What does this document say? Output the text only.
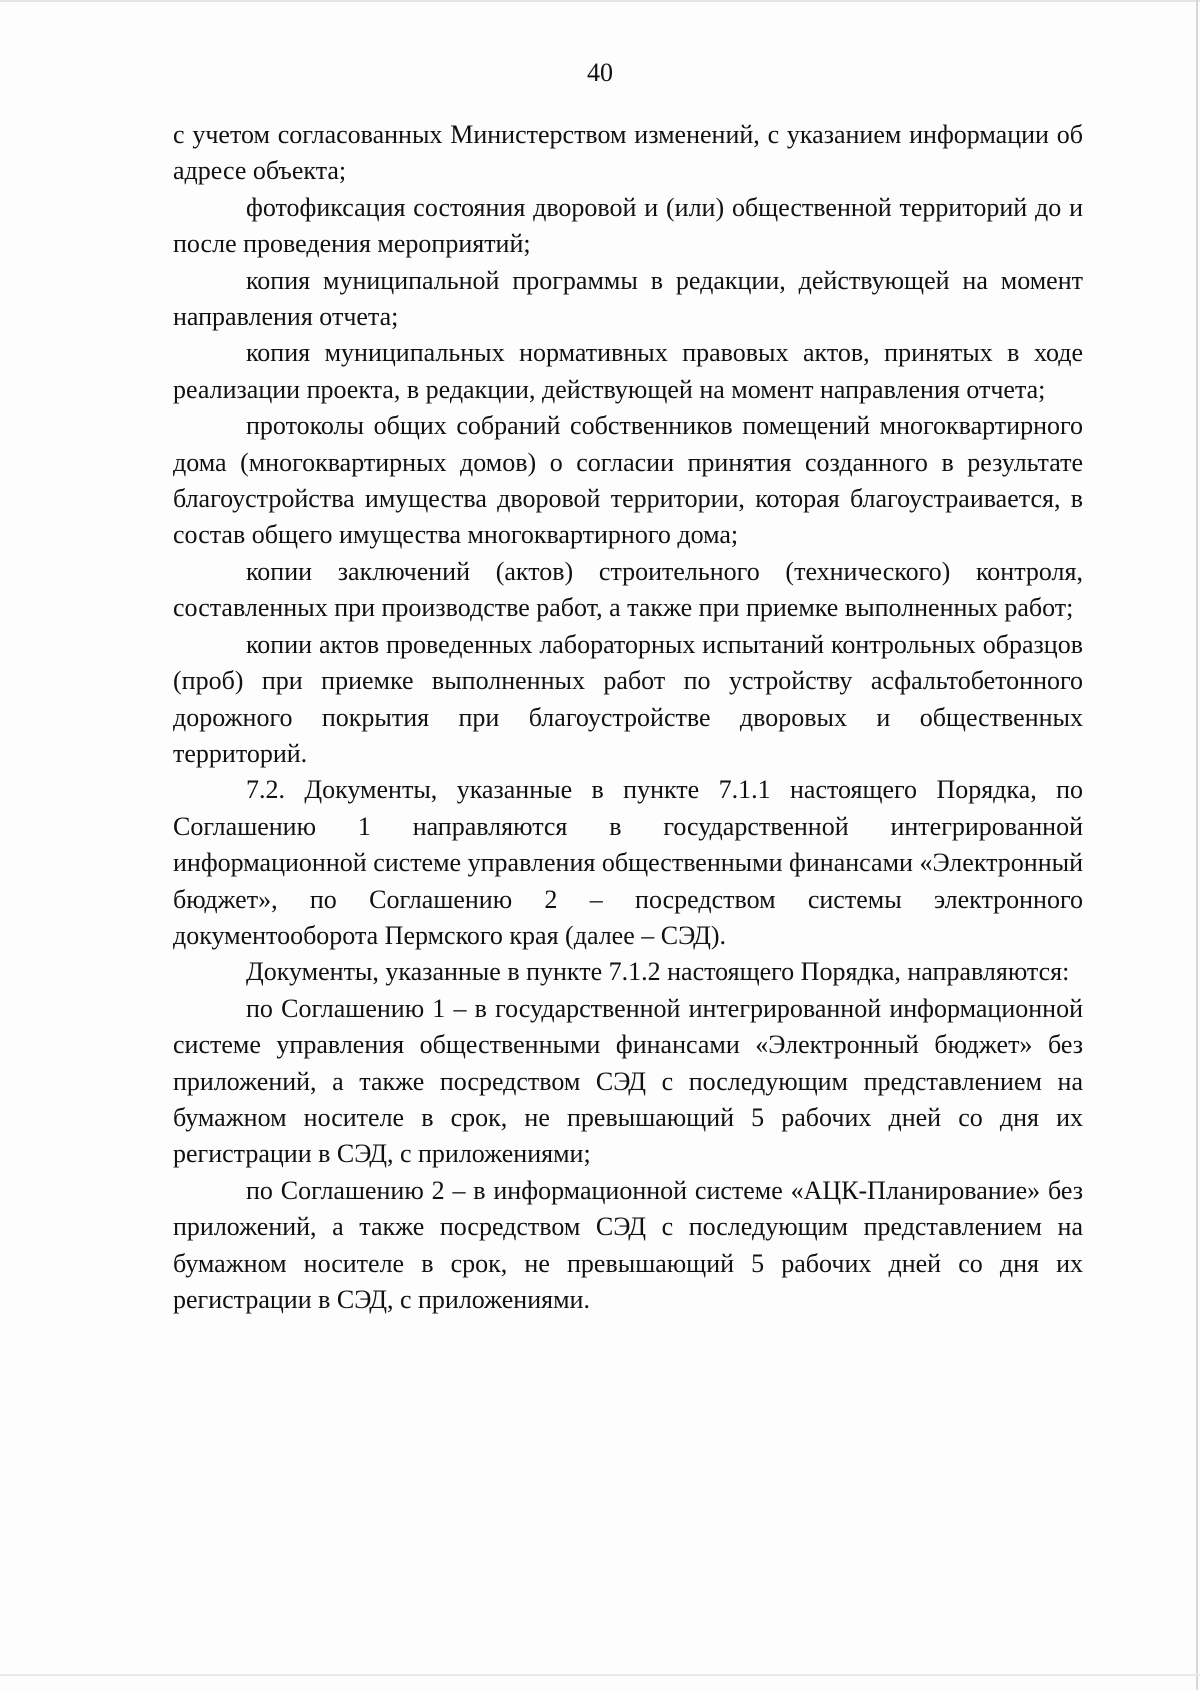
40

с учетом согласованных Министерством изменений, с указанием информации об адресе объекта;

фотофиксация состояния дворовой и (или) общественной территорий до и после проведения мероприятий;

копия муниципальной программы в редакции, действующей на момент направления отчета;

копия муниципальных нормативных правовых актов, принятых в ходе реализации проекта, в редакции, действующей на момент направления отчета;

протоколы общих собраний собственников помещений многоквартирного дома (многоквартирных домов) о согласии принятия созданного в результате благоустройства имущества дворовой территории, которая благоустраивается, в состав общего имущества многоквартирного дома;

копии заключений (актов) строительного (технического) контроля, составленных при производстве работ, а также при приемке выполненных работ;

копии актов проведенных лабораторных испытаний контрольных образцов (проб) при приемке выполненных работ по устройству асфальтобетонного дорожного покрытия при благоустройстве дворовых и общественных территорий.

7.2. Документы, указанные в пункте 7.1.1 настоящего Порядка, по Соглашению 1 направляются в государственной интегрированной информационной системе управления общественными финансами «Электронный бюджет», по Соглашению 2 – посредством системы электронного документооборота Пермского края (далее – СЭД).

Документы, указанные в пункте 7.1.2 настоящего Порядка, направляются:

по Соглашению 1 – в государственной интегрированной информационной системе управления общественными финансами «Электронный бюджет» без приложений, а также посредством СЭД с последующим представлением на бумажном носителе в срок, не превышающий 5 рабочих дней со дня их регистрации в СЭД, с приложениями;

по Соглашению 2 – в информационной системе «АЦК-Планирование» без приложений, а также посредством СЭД с последующим представлением на бумажном носителе в срок, не превышающий 5 рабочих дней со дня их регистрации в СЭД, с приложениями.
